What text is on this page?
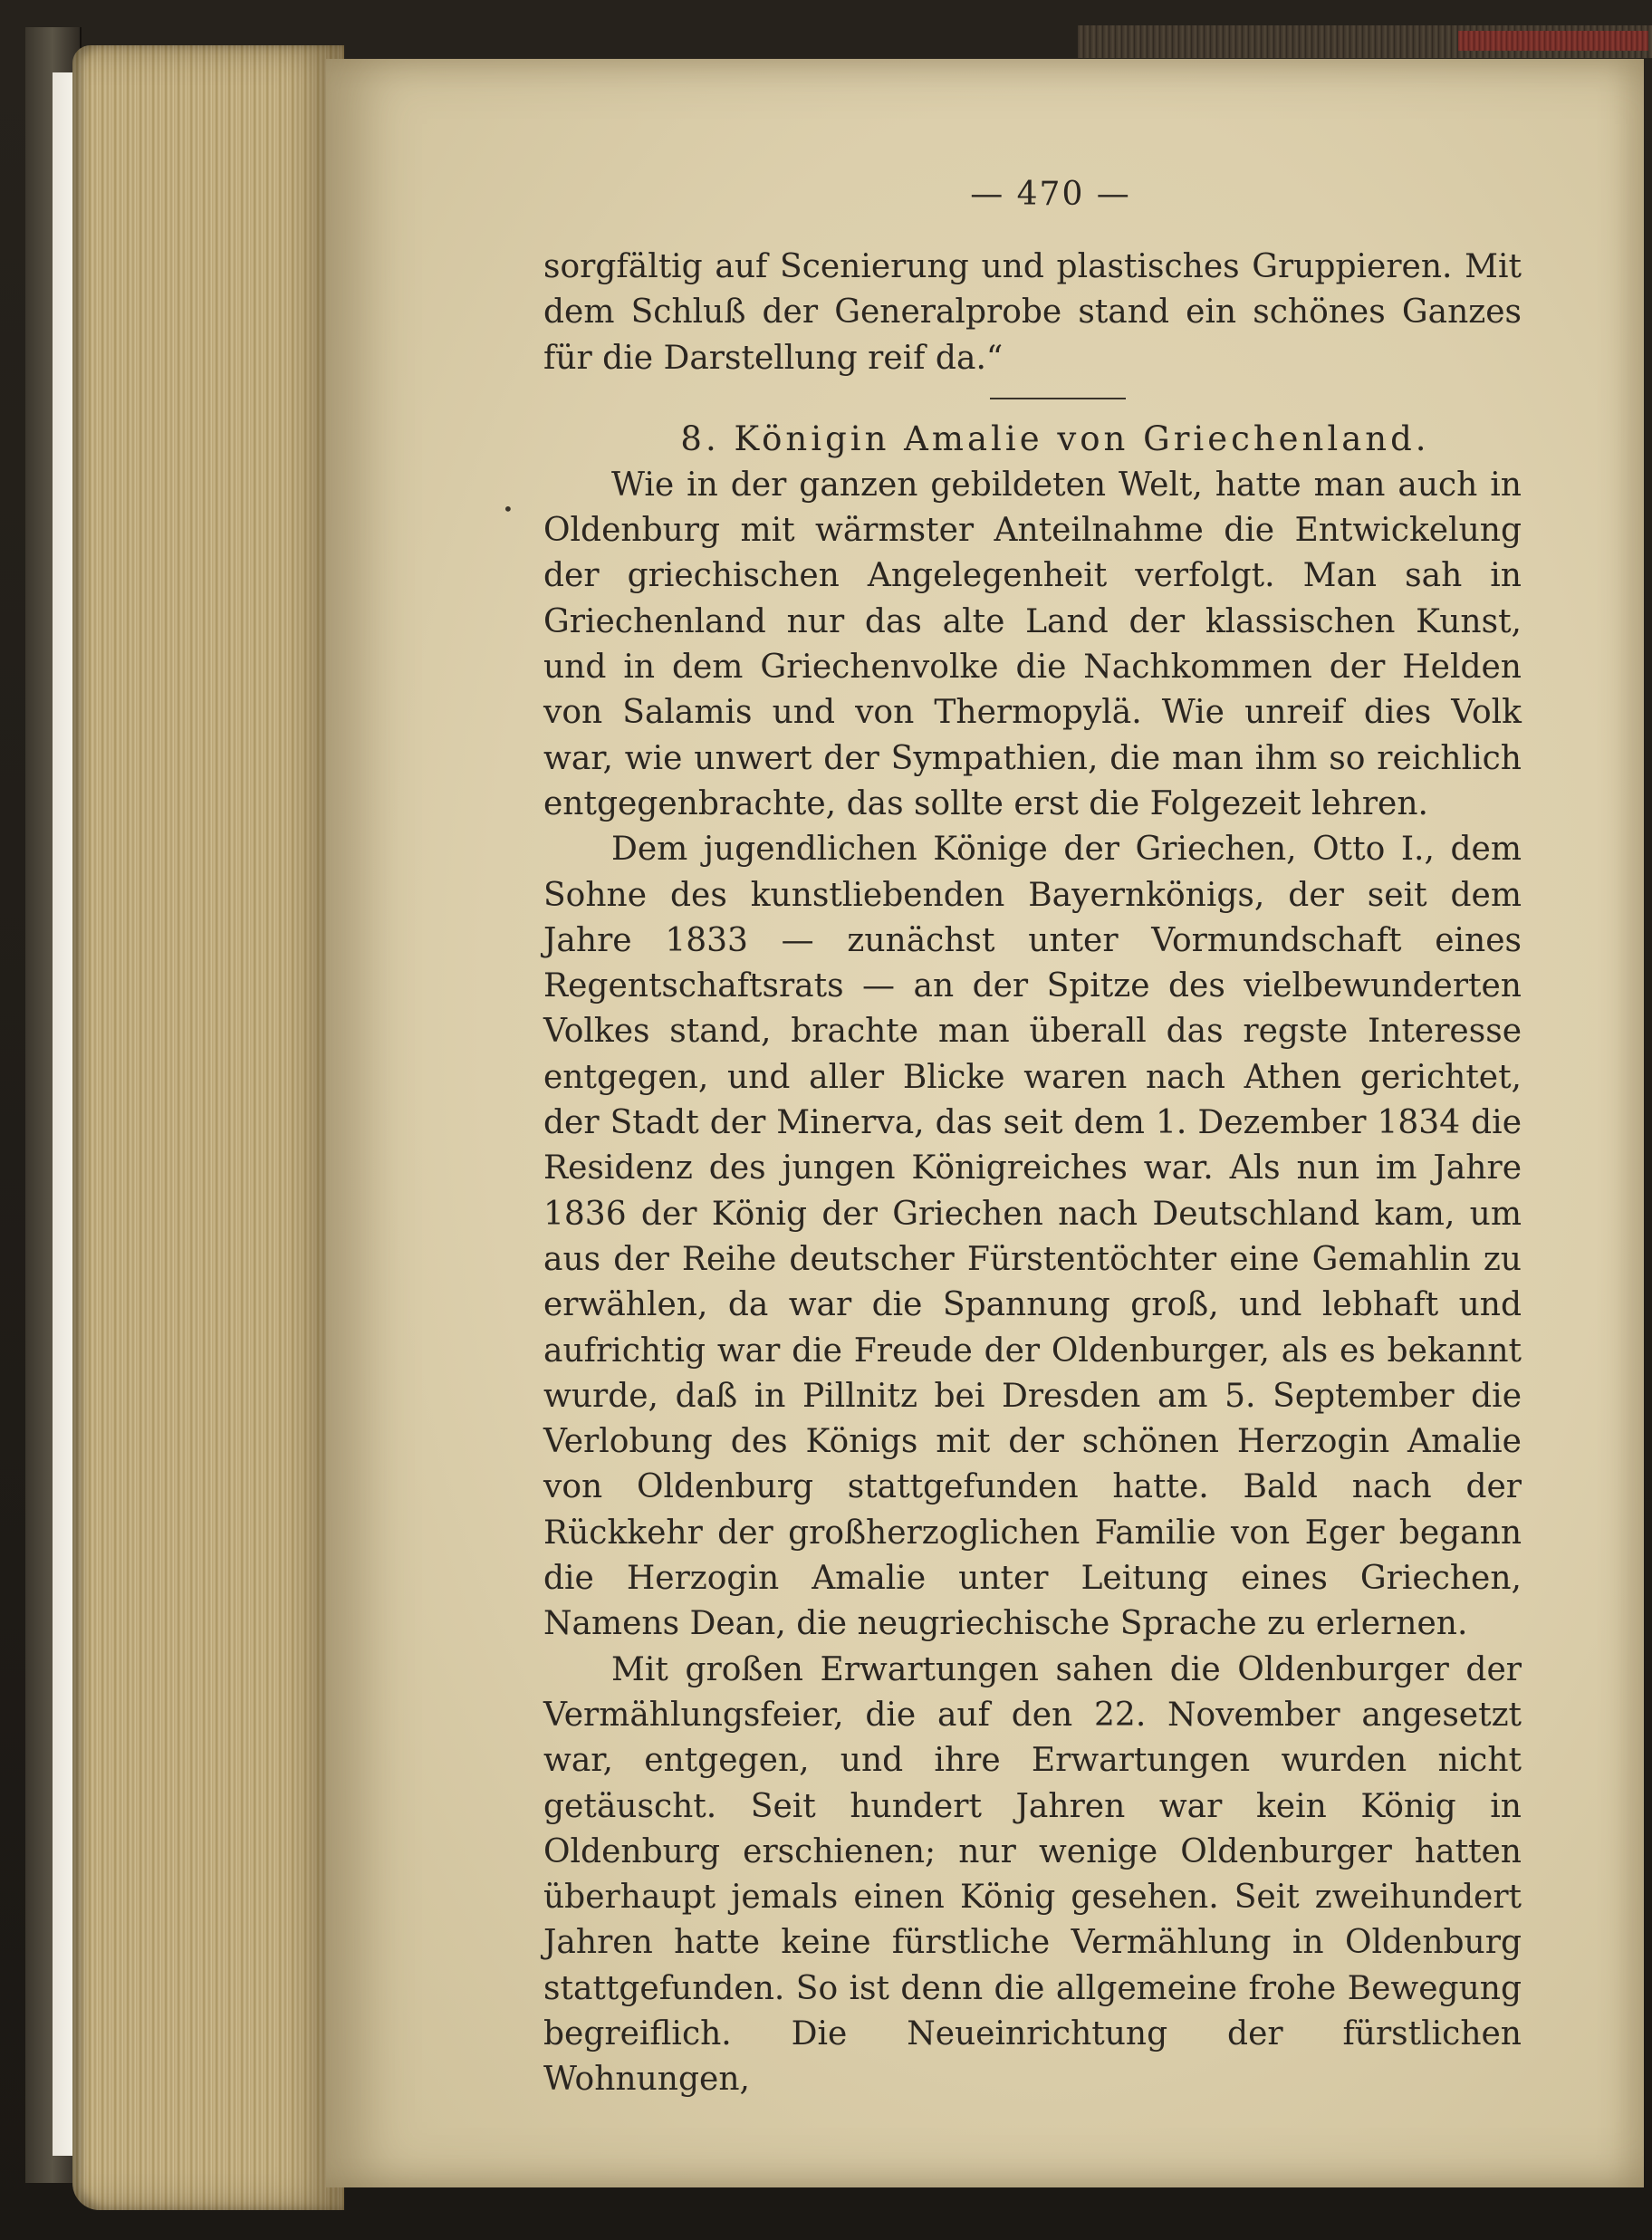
— 470 —

sorgfältig auf Scenierung und plastisches Gruppieren. Mit dem Schluß der Generalprobe stand ein schönes Ganzes für die Darstellung reif da.“

8. Königin Amalie von Griechenland.

Wie in der ganzen gebildeten Welt, hatte man auch in Oldenburg mit wärmster Anteilnahme die Entwickelung der griechischen Angelegenheit verfolgt. Man sah in Griechenland nur das alte Land der klassischen Kunst, und in dem Griechenvolke die Nachkommen der Helden von Salamis und von Thermopylä. Wie unreif dies Volk war, wie unwert der Sympathien, die man ihm so reichlich entgegenbrachte, das sollte erst die Folgezeit lehren.

Dem jugendlichen Könige der Griechen, Otto I., dem Sohne des kunstliebenden Bayernkönigs, der seit dem Jahre 1833 — zunächst unter Vormundschaft eines Regentschaftsrats — an der Spitze des vielbewunderten Volkes stand, brachte man überall das regste Interesse entgegen, und aller Blicke waren nach Athen gerichtet, der Stadt der Minerva, das seit dem 1. Dezember 1834 die Residenz des jungen Königreiches war. Als nun im Jahre 1836 der König der Griechen nach Deutschland kam, um aus der Reihe deutscher Fürstentöchter eine Gemahlin zu erwählen, da war die Spannung groß, und lebhaft und aufrichtig war die Freude der Oldenburger, als es bekannt wurde, daß in Pillnitz bei Dresden am 5. September die Verlobung des Königs mit der schönen Herzogin Amalie von Oldenburg stattgefunden hatte. Bald nach der Rückkehr der großherzoglichen Familie von Eger begann die Herzogin Amalie unter Leitung eines Griechen, Namens Dean, die neugriechische Sprache zu erlernen.

Mit großen Erwartungen sahen die Oldenburger der Vermählungsfeier, die auf den 22. November angesetzt war, entgegen, und ihre Erwartungen wurden nicht getäuscht. Seit hundert Jahren war kein König in Oldenburg erschienen; nur wenige Oldenburger hatten überhaupt jemals einen König gesehen. Seit zweihundert Jahren hatte keine fürstliche Vermählung in Oldenburg stattgefunden. So ist denn die allgemeine frohe Bewegung begreiflich. Die Neueinrichtung der fürstlichen Wohnungen,

•
